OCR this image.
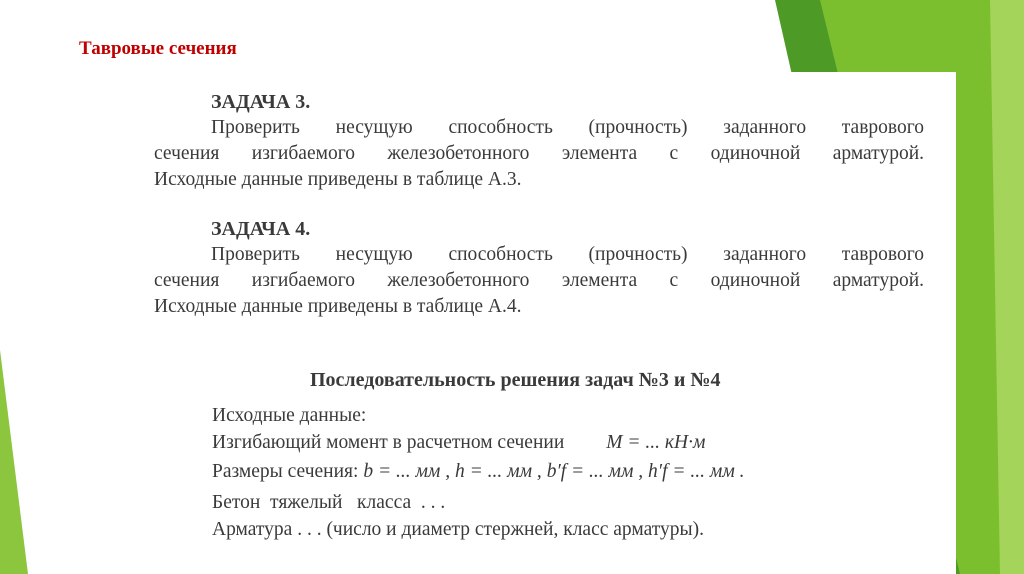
Тавровые сечения
ЗАДАЧА 3.

Проверить несущую способность (прочность) заданного таврового
сечения изгибаемого железобетонного элемента с одиночной арматурой.
Исходные данные приведены в таблице А.3.

ЗАДАЧА 4.

Проверить несущую способность (прочность) заданного таврового
сечения изгибаемого железобетонного элемента с одиночной арматурой.
Исходные данные приведены в таблице А.4.

Последовательность решения задач №3 и №4
Исходные данные:
Изгибающий момент в расчетном сечении M = ... кН·м
Размеры сечения: b = ... мм , h = ... мм , b′f = ... мм , h′f = ... мм .
Бетон  тяжелый   класса  . . .
Арматура . . . (число и диаметр стержней, класс арматуры).
